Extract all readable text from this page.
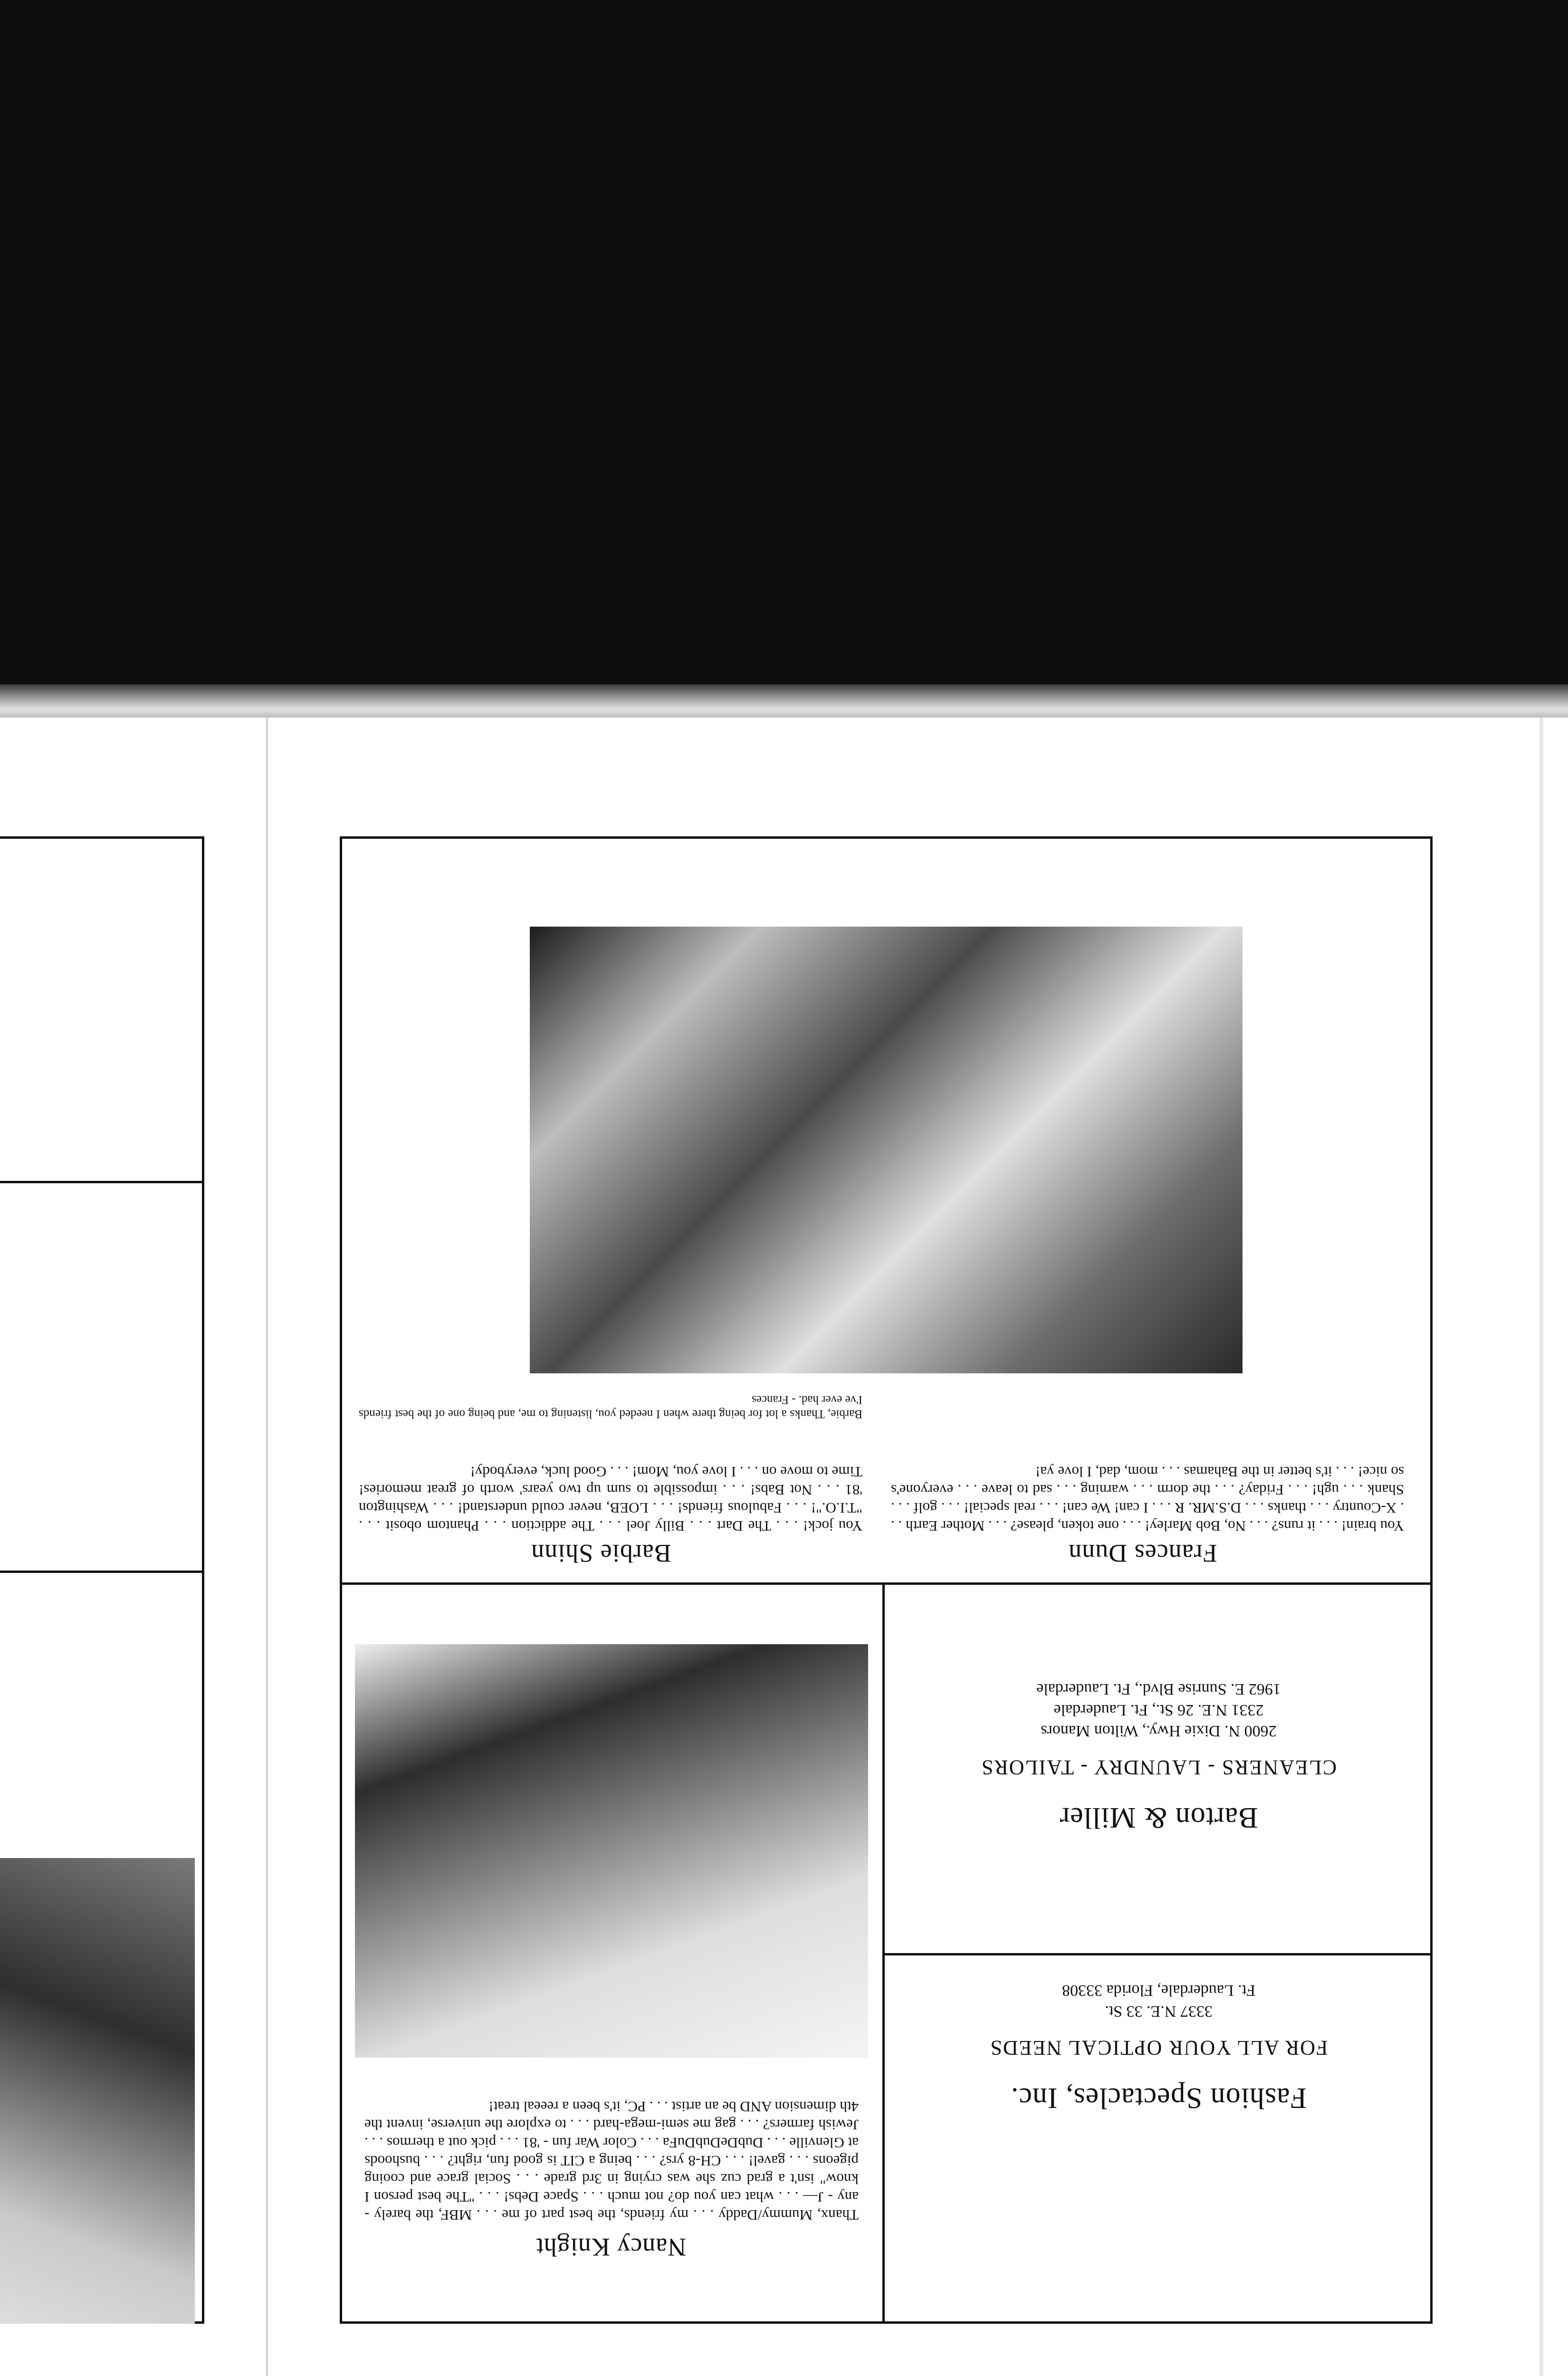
Fashion Spectacles, Inc.
FOR ALL YOUR OPTICAL NEEDS
3337 N.E. 33 St.
Ft. Lauderdale, Florida 33308
Barton & Miller
CLEANERS - LAUNDRY - TAILORS
2600 N. Dixie Hwy., Wilton Manors
2331 N.E. 26 St., Ft. Lauderdale
1962 E. Sunrise Blvd., Ft. Lauderdale
Nancy Knight
Thanx, Mummy/Daddy . . . my friends, the best part of me . . . MBF, the barely - any - J— . . . what can you do? not much . . . Space Debs! . . . "The best person I know" isn't a grad cuz she was crying in 3rd grade . . . Social grace and cooing pigeons . . . gavel! . . . CH-8 yrs? . . . being a CIT is good fun, right? . . . bushoods at Glenville . . . DubDeDubDuFa . . . Color War fun - '81 . . . pick out a thermos . . . Jewish farmers? . . . gag me semi-mega-hard . . . to explore the universe, invent the 4th dimension AND be an artist . . . PC, it's been a reeeal treat!
Barbie Shinn
You jock! . . . The Dart . . . Billy Joel . . . The addiction . . . Phantom obosit . . . "T.I.O."! . . . Fabulous friends! . . . LOEB, never could understand! . . . Washington '81 . . . Not Babs! . . . impossible to sum up two years' worth of great memories! Time to move on . . . I love you, Mom! . . . Good luck, everybody!
Barbie, Thanks a lot for being there when I needed you, listening to me, and being one of the best friends I've ever had. - Frances
Frances Dunn
You brain! . . . it runs? . . . No, Bob Marley! . . . one token, please? . . . Mother Earth . . . X-Country . . . thanks . . . D.S.MR. R . . . I can! We can! . . . real special! . . . golf . . . Shank . . . ugh! . . . Friday? . . . the dorm . . . warning . . . sad to leave . . . everyone's so nice! . . . it's better in the Bahamas . . . mom, dad, I love ya!
